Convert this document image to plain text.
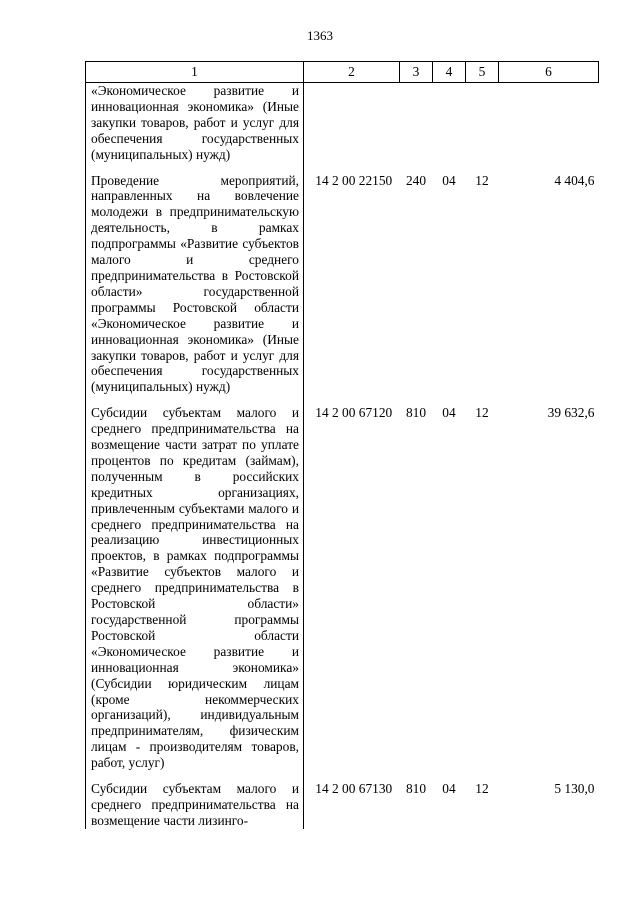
1363
1	2	3	4	5	6
«Экономическое развитие и инновационная экономика» (Иные закупки товаров, работ и услуг для обеспечения государственных (муниципальных) нужд)					

Проведение мероприятий, направленных на вовлечение молодежи в предпринимательскую деятельность, в рамках подпрограммы «Развитие субъектов малого и среднего предпринимательства в Ростовской области» государственной программы Ростовской области «Экономическое развитие и инновационная экономика» (Иные закупки товаров, работ и услуг для обеспечения государственных (муниципальных) нужд)	14 2 00 22150	240	04	12	4 404,6

Субсидии субъектам малого и среднего предпринимательства на возмещение части затрат по уплате процентов по кредитам (займам), полученным в российских кредитных организациях, привлеченным субъектами малого и среднего предпринимательства на реализацию инвестиционных проектов, в рамках подпрограммы «Развитие субъектов малого и среднего предпринимательства в Ростовской области» государственной программы Ростовской области «Экономическое развитие и инновационная экономика» (Субсидии юридическим лицам (кроме некоммерческих организаций), индивидуальным предпринимателям, физическим лицам - производителям товаров, работ, услуг)	14 2 00 67120	810	04	12	39 632,6

Субсидии субъектам малого и среднего предпринимательства на возмещение части лизинго-	14 2 00 67130	810	04	12	5 130,0
